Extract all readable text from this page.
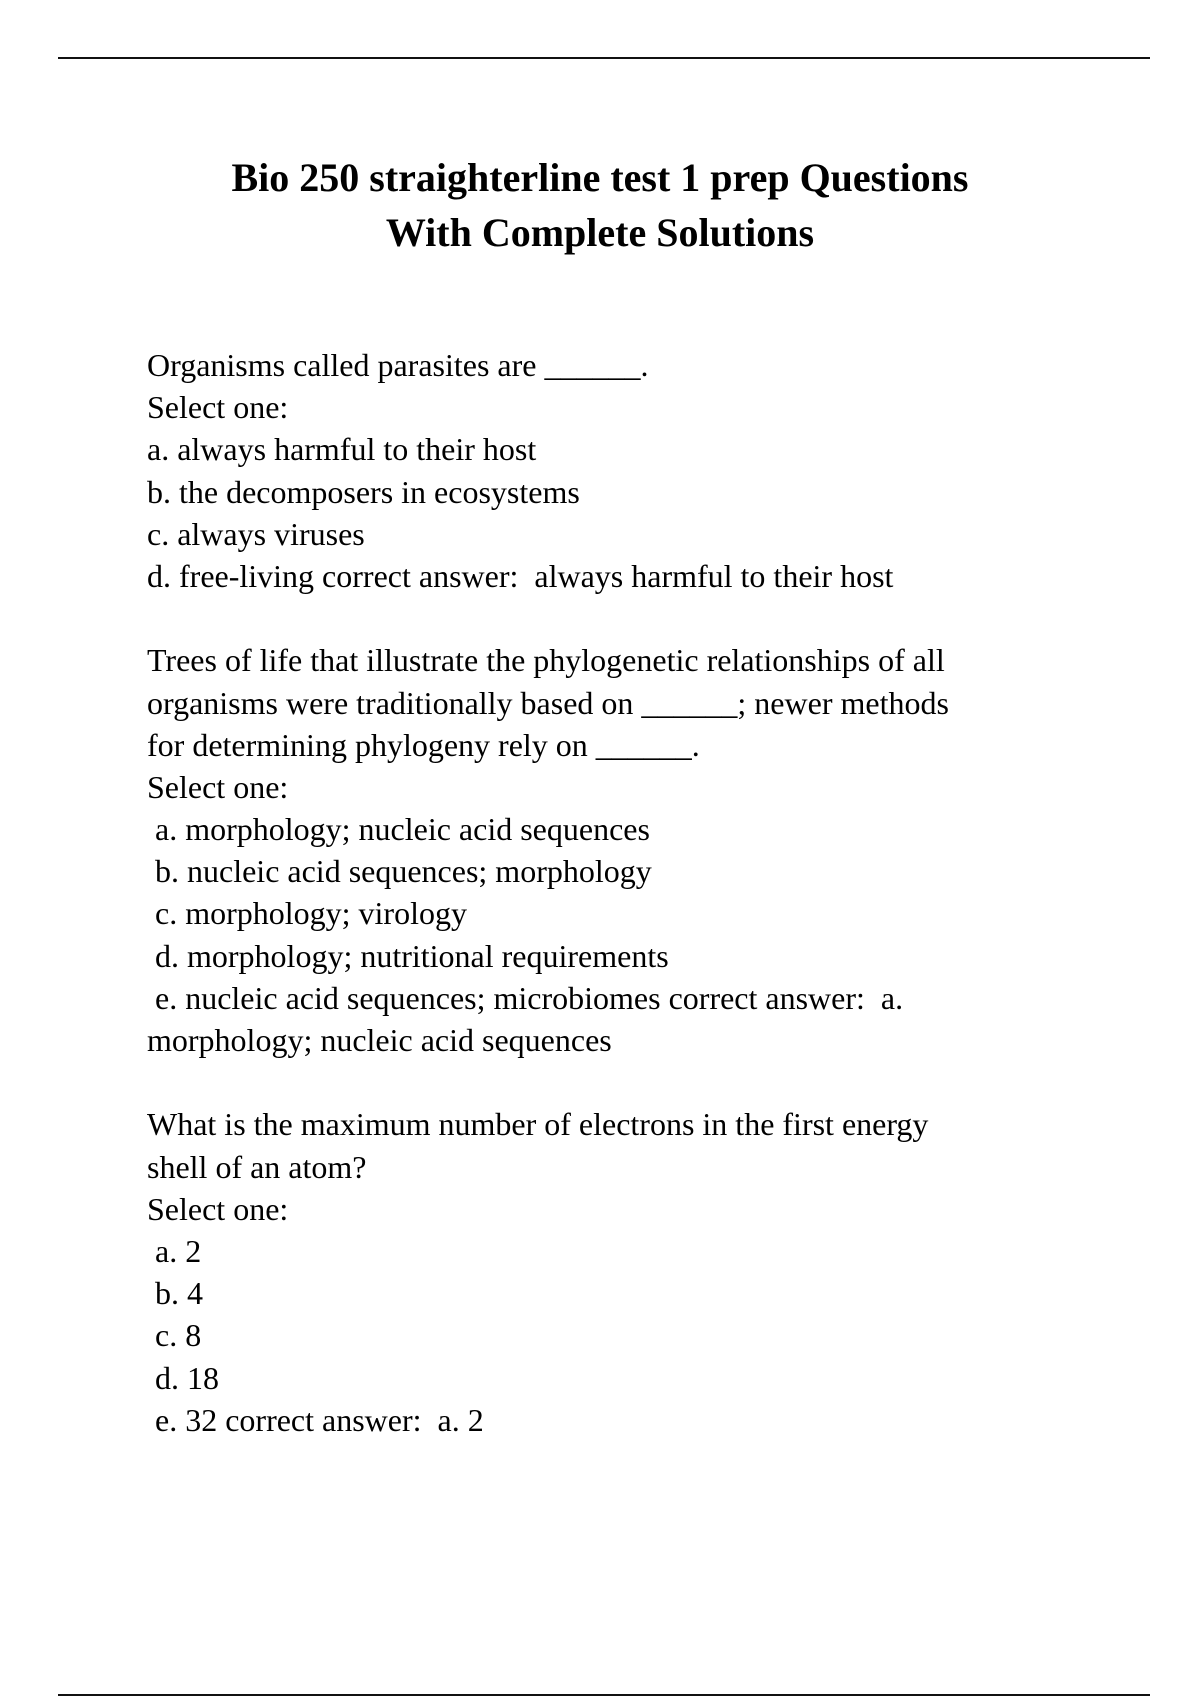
Bio 250 straighterline test 1 prep Questions
With Complete Solutions
Organisms called parasites are ______.
Select one:
a. always harmful to their host
b. the decomposers in ecosystems
c. always viruses
d. free-living correct answer:  always harmful to their host
Trees of life that illustrate the phylogenetic relationships of all
organisms were traditionally based on ______; newer methods
for determining phylogeny rely on ______.
Select one:
a. morphology; nucleic acid sequences
b. nucleic acid sequences; morphology
c. morphology; virology
d. morphology; nutritional requirements
e. nucleic acid sequences; microbiomes correct answer:  a.
morphology; nucleic acid sequences
What is the maximum number of electrons in the first energy
shell of an atom?
Select one:
a. 2
b. 4
c. 8
d. 18
e. 32 correct answer:  a. 2
